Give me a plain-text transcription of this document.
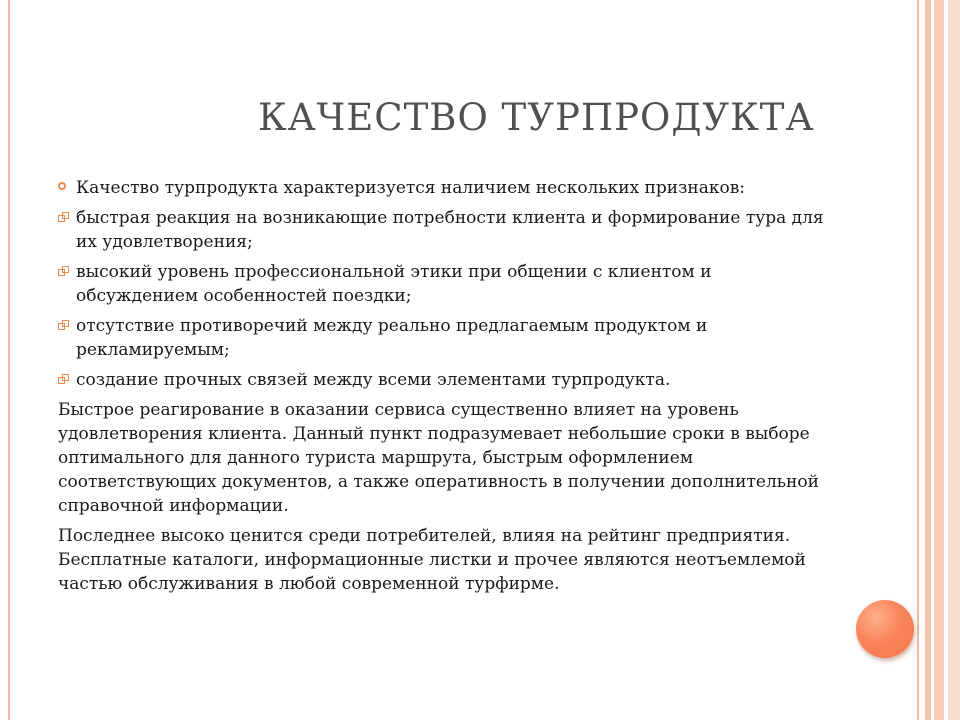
КАЧЕСТВО ТУРПРОДУКТА
Качество турпродукта характеризуется наличием нескольких признаков:
быстрая реакция на возникающие потребности клиента и формирование тура для их удовлетворения;
высокий уровень профессиональной этики при общении с клиентом и обсуждением особенностей поездки;
отсутствие противоречий между реально предлагаемым продуктом и рекламируемым;
создание прочных связей между всеми элементами турпродукта.
Быстрое реагирование в оказании сервиса существенно влияет на уровень удовлетворения клиента. Данный пункт подразумевает небольшие сроки в выборе оптимального для данного туриста маршрута, быстрым оформлением соответствующих документов, а также оперативность в получении дополнительной справочной информации.
Последнее высоко ценится среди потребителей, влияя на рейтинг предприятия. Бесплатные каталоги, информационные листки и прочее являются неотъемлемой частью обслуживания в любой современной турфирме.
